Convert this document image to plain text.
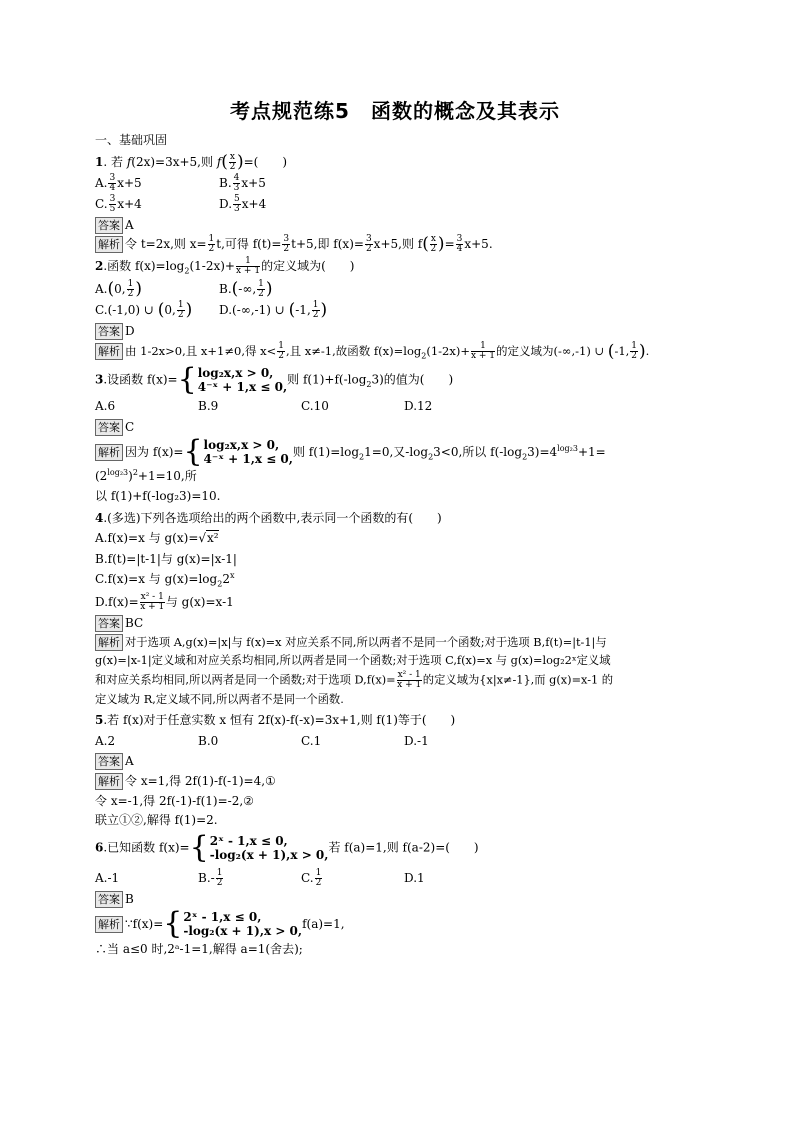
考点规范练5　函数的概念及其表示
一、基础巩固
1. 若 f(2x)=3x+5,则 $f( \frac{x}{2}$ )=(　　)
A. $\frac{3}{4} x+5$	B. $\frac{4}{3} x+5$
C. $\frac{3}{5} x+4$	D. $\frac{5}{3} x+4$
答案 A
解析 令 t=2x,则 $x= \frac{1}{2} t$,可得 $f(t)= \frac{3}{2} t+5$,即 $f(x)= \frac{3}{2} x+5$,则 $f( \frac{x}{2}$ )= $\frac{3}{4} x+5$.
2.函数 $f(x)=\log_2(1-2x)+ \frac{1}{x + 1}$ 的定义域为(　　)
A.(0, $\frac{1}{2}$ )	B.(-∞, $\frac{1}{2}$ )
C.(-1,0) ∪ (0, $\frac{1}{2}$ )	D.(-∞,-1) ∪ (-1, $\frac{1}{2}$ )
答案 D
解析 由 1-2x>0,且 x+1≠0,得 $x< \frac{1}{2}$ ,且 x≠-1,故函数 $f(x)=\log_2(1-2x)+ \frac{1}{x + 1}$ 的定义域为(-∞,-1) ∪ (-1, $\frac{1}{2}$ ).
3.设函数 f(x)= { log₂x,x > 0,
4⁻ˣ + 1,x ≤ 0,
则 $f(1)+f(-\log_23)$的值为(　　)
A.6	B.9	C.10	D.12
答案 C
解析 因为 f(x)= { log₂x,x > 0,
4⁻ˣ + 1,x ≤ 0,
则 $f(1)=\log_21=0$,又$-\log_23<0$,所以 $f(-\log_23)=4^{log_23}+1=(2^{log_23})^2+1=10$,所
以 f(1)+f(-log₂3)=10.
4.(多选)下列各选项给出的两个函数中,表示同一个函数的有(　　)
A.f(x)=x 与 g(x)=√x²
B.f(t)=|t-1|与 g(x)=|x-1|
C.f(x)=x 与 $g(x)=\log_22^x$
$D.f(x)= \frac{\text{x² - 1}}{x + 1}$ 与 g(x)=x-1
答案 BC
解析 对于选项 A,g(x)=|x|与 f(x)=x 对应关系不同,所以两者不是同一个函数;对于选项 B,f(t)=|t-1|与
g(x)=|x-1|定义域和对应关系均相同,所以两者是同一个函数;对于选项 C,f(x)=x 与 g(x)=log₂2ˣ定义域
和对应关系均相同,所以两者是同一个函数;对于选项 $D,f(x)= \frac{\text{x² - 1}}{x + 1}$ 的定义域为{x|x≠-1},而 g(x)=x-1 的
定义域为 R,定义域不同,所以两者不是同一个函数.
5.若 f(x)对于任意实数 x 恒有 2f(x)-f(-x)=3x+1,则 f(1)等于(　　)
A.2	B.0	C.1	D.-1
答案 A
解析 令 x=1,得 2f(1)-f(-1)=4,①
令 x=-1,得 2f(-1)-f(1)=-2,②
联立①②,解得 f(1)=2.
6.已知函数 f(x)= { 2ˣ - 1,x ≤ 0,
-log₂(x + 1),x > 0,
若 f(a)=1,则 f(a-2)=(　　)
A.-1	$B.- \frac{1}{2}$	C. $\frac{1}{2}$	D.1
答案 B
解析 ∵f(x)= { 2ˣ - 1,x ≤ 0,
-log₂(x + 1),x > 0,
f(a)=1,
∴当 a≤0 时,2ᵃ-1=1,解得 a=1(舍去);
